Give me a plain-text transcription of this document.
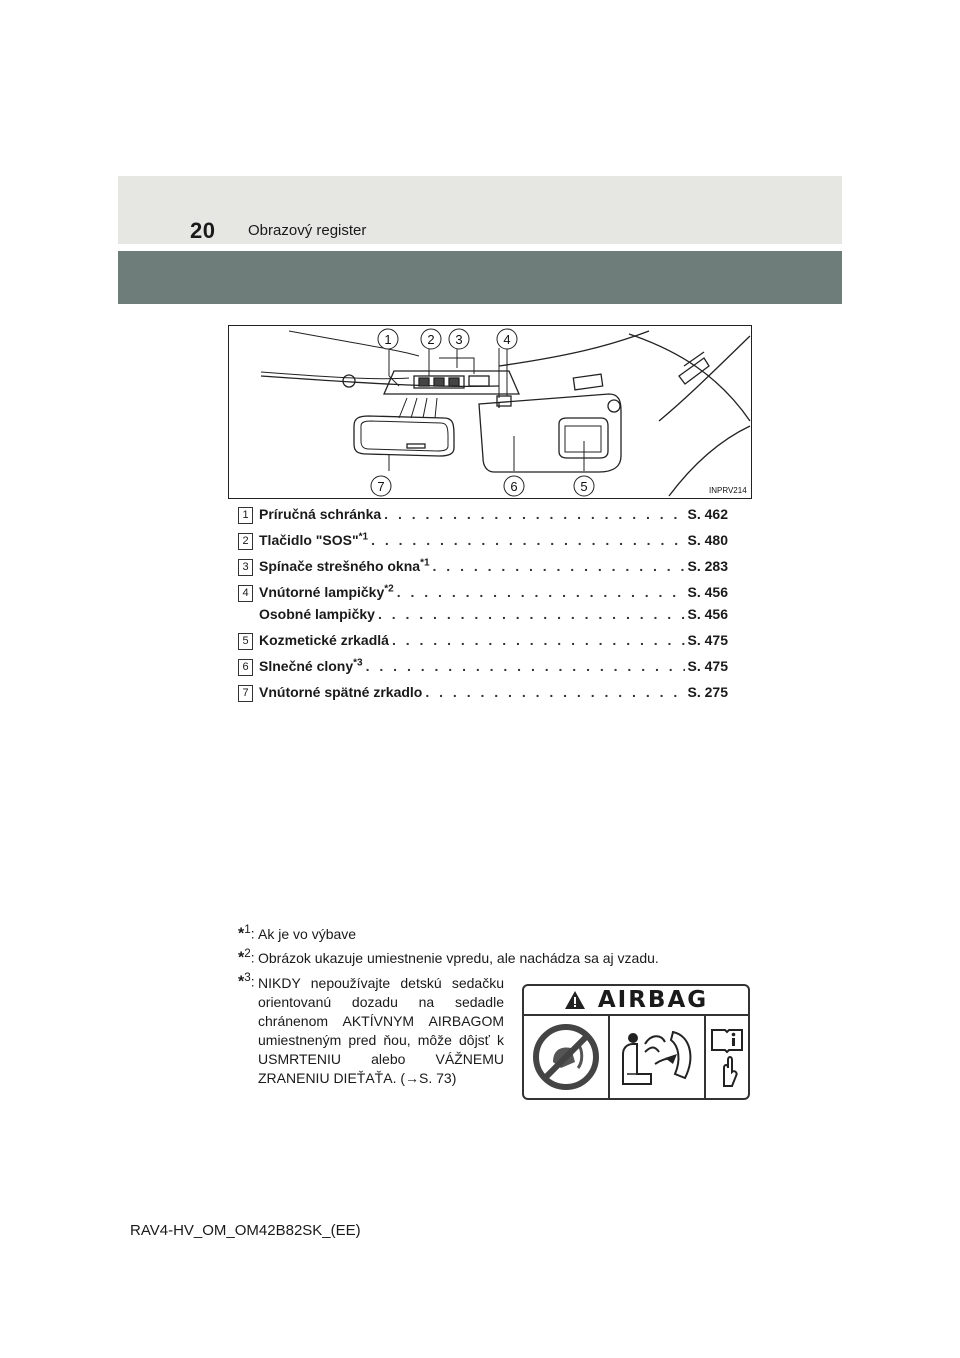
20 Obrazový register
1	2 3	4
5
6
7	INPRV214
1 Príručná schránka . . .	S. 462
2 Tlačidlo "SOS"$^{*1}$ . . .	S. 480
3 Spínače strešného okna$^{*1}$ . . .	S. 283
4 Vnútorné lampičky$^{*2}$ . . .	S. 456
Osobné lampičky . . .	S. 456
5 Kozmetické zrkadlá . . .	S. 475
6 Slnečné clony$^{*3}$ . . .	S. 475
7 Vnútorné spätné zrkadlo . . .	S. 275
*$^1$: Ak je vo výbave
*$^2$: Obrázok ukazuje umiestnenie vpredu, ale nachádza sa aj vzadu.
*$^3$: NIKDY nepoužívajte detskú sedačku orientovanú dozadu na sedadle chránenom AKTÍVNYM AIRBAGOM umiestneným pred ňou, môže dôjsť k USMRTENIU alebo VÁŽNEMU ZRANENIU DIEŤAŤA. (→S. 73)
AIRBAG
RAV4-HV_OM_OM42B82SK_(EE)
